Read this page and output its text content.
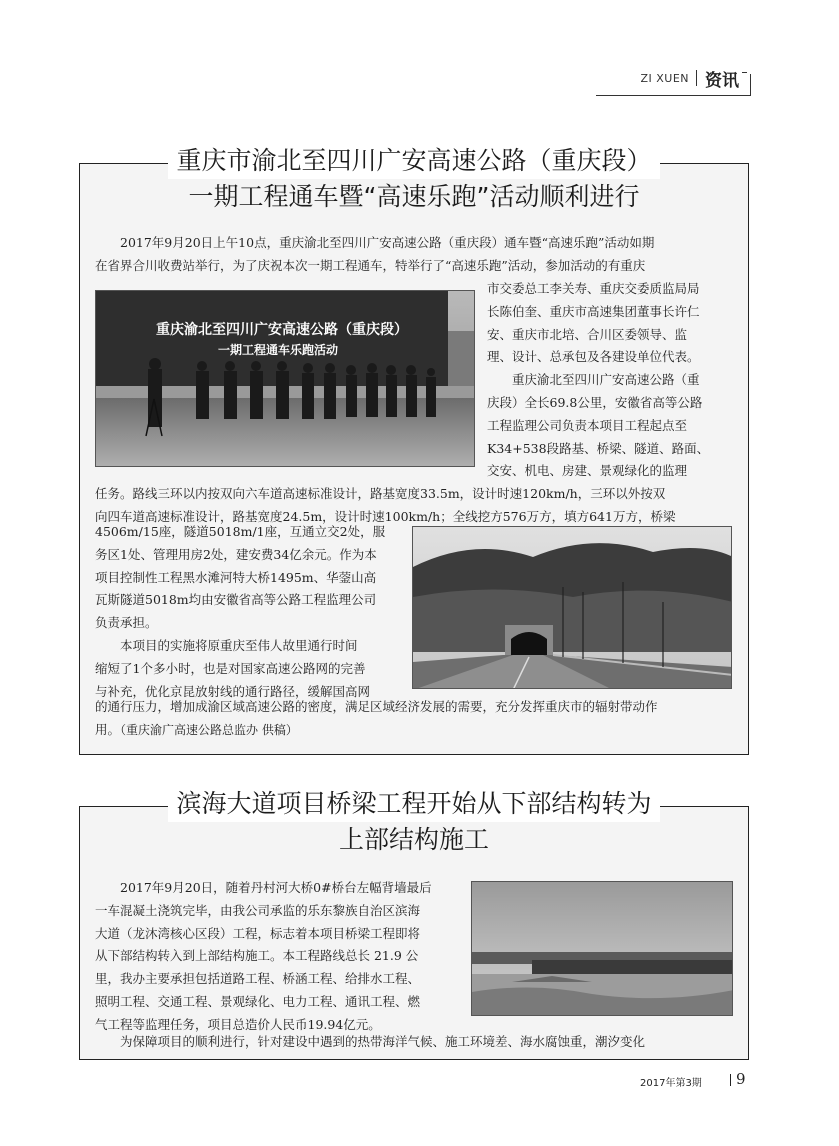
ZI XUEN 资讯
重庆市渝北至四川广安高速公路（重庆段）
一期工程通车暨“高速乐跑”活动顺利进行
重庆渝北至四川广安高速公路（重庆段）
一期工程通车乐跑活动

　　2017年9月20日上午10点，重庆渝北至四川广安高速公路（重庆段）通车暨“高速乐跑”活动如期

在省界合川收费站举行，为了庆祝本次一期工程通车，特举行了“高速乐跑”活动，参加活动的有重庆

市交委总工李关寿、重庆交委质监局局

长陈伯奎、重庆市高速集团董事长许仁

安、重庆市北培、合川区委领导、监

理、设计、总承包及各建设单位代表。

　　重庆渝北至四川广安高速公路（重

庆段）全长69.8公里，安徽省高等公路

工程监理公司负责本项目工程起点至

K34+538段路基、桥梁、隧道、路面、

交安、机电、房建、景观绿化的监理

任务。路线三环以内按双向六车道高速标准设计，路基宽度33.5m，设计时速120km/h，三环以外按双

向四车道高速标准设计，路基宽度24.5m，设计时速100km/h；全线挖方576万方，填方641万方，桥梁

4506m/15座，隧道5018m/1座，互通立交2处，服

务区1处、管理用房2处，建安费34亿余元。作为本

项目控制性工程黑水滩河特大桥1495m、华蓥山高

瓦斯隧道5018m均由安徽省高等公路工程监理公司

负责承担。

　　本项目的实施将原重庆至伟人故里通行时间

缩短了1个多小时，也是对国家高速公路网的完善

与补充，优化京昆放射线的通行路径，缓解国高网

的通行压力，增加成渝区域高速公路的密度，满足区域经济发展的需要，充分发挥重庆市的辐射带动作

用。（重庆渝广高速公路总监办 供稿）

滨海大道项目桥梁工程开始从下部结构转为
上部结构施工

　　2017年9月20日，随着丹村河大桥0#桥台左幅背墙最后

一车混凝土浇筑完毕，由我公司承监的乐东黎族自治区滨海

大道（龙沐湾核心区段）工程，标志着本项目桥梁工程即将

从下部结构转入到上部结构施工。本工程路线总长 21.9 公

里，我办主要承担包括道路工程、桥涵工程、给排水工程、

照明工程、交通工程、景观绿化、电力工程、通讯工程、燃

气工程等监理任务，项目总造价人民币19.94亿元。

　　为保障项目的顺利进行，针对建设中遇到的热带海洋气候、施工环境差、海水腐蚀重，潮汐变化

2017年第3期 9
